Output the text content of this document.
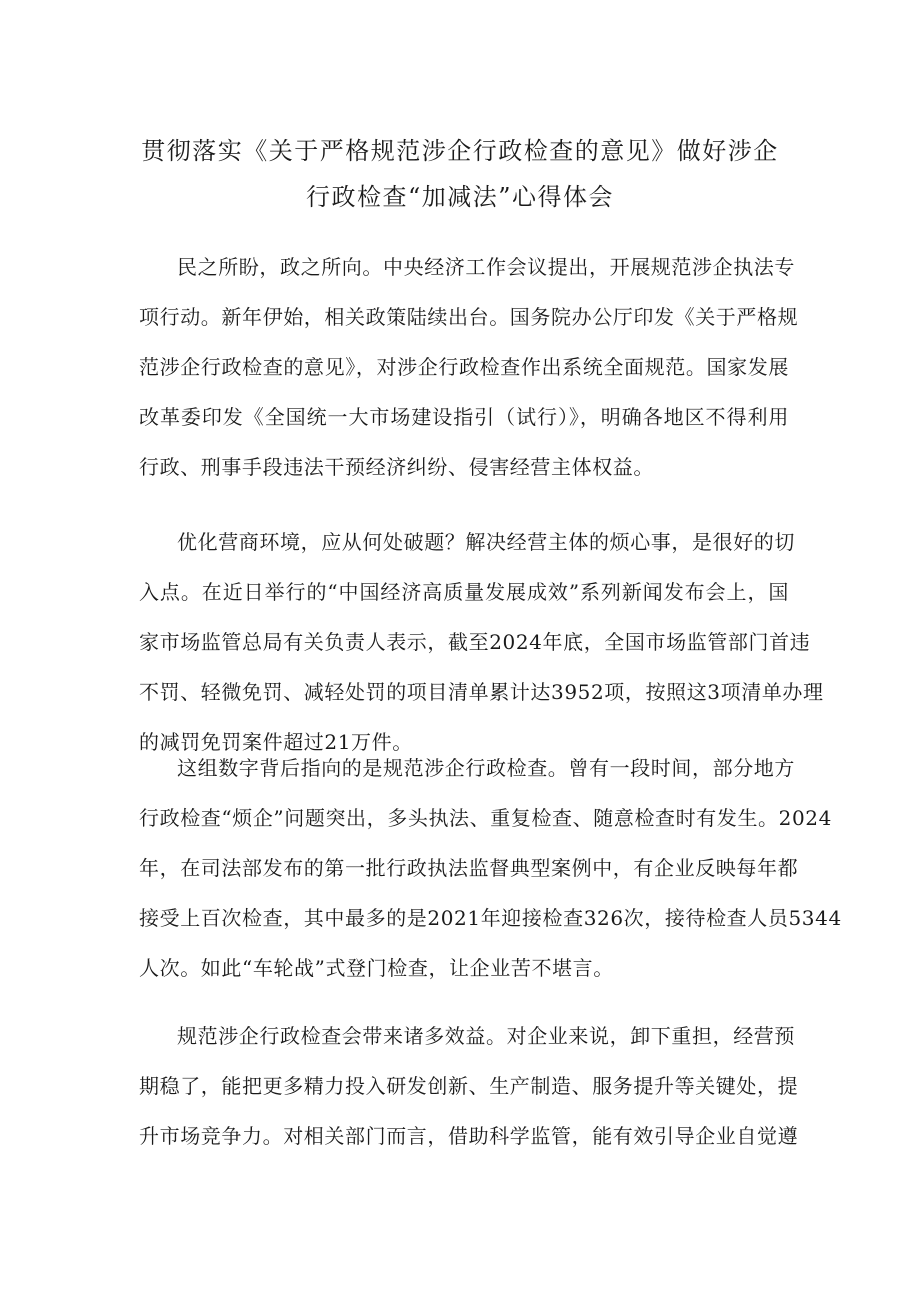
贯彻落实《关于严格规范涉企行政检查的意见》做好涉企
行政检查“加减法”心得体会
民之所盼，政之所向。中央经济工作会议提出，开展规范涉企执法专
项行动。新年伊始，相关政策陆续出台。国务院办公厅印发《关于严格规
范涉企行政检查的意见》，对涉企行政检查作出系统全面规范。国家发展
改革委印发《全国统一大市场建设指引（试行）》，明确各地区不得利用
行政、刑事手段违法干预经济纠纷、侵害经营主体权益。
优化营商环境，应从何处破题？解决经营主体的烦心事，是很好的切
入点。在近日举行的“中国经济高质量发展成效”系列新闻发布会上，国
家市场监管总局有关负责人表示，截至2024年底，全国市场监管部门首违
不罚、轻微免罚、减轻处罚的项目清单累计达3952项，按照这3项清单办理
的减罚免罚案件超过21万件。
这组数字背后指向的是规范涉企行政检查。曾有一段时间，部分地方
行政检查“烦企”问题突出，多头执法、重复检查、随意检查时有发生。2024
年，在司法部发布的第一批行政执法监督典型案例中，有企业反映每年都
接受上百次检查，其中最多的是2021年迎接检查326次，接待检查人员5344
人次。如此“车轮战”式登门检查，让企业苦不堪言。
规范涉企行政检查会带来诸多效益。对企业来说，卸下重担，经营预
期稳了，能把更多精力投入研发创新、生产制造、服务提升等关键处，提
升市场竞争力。对相关部门而言，借助科学监管，能有效引导企业自觉遵
